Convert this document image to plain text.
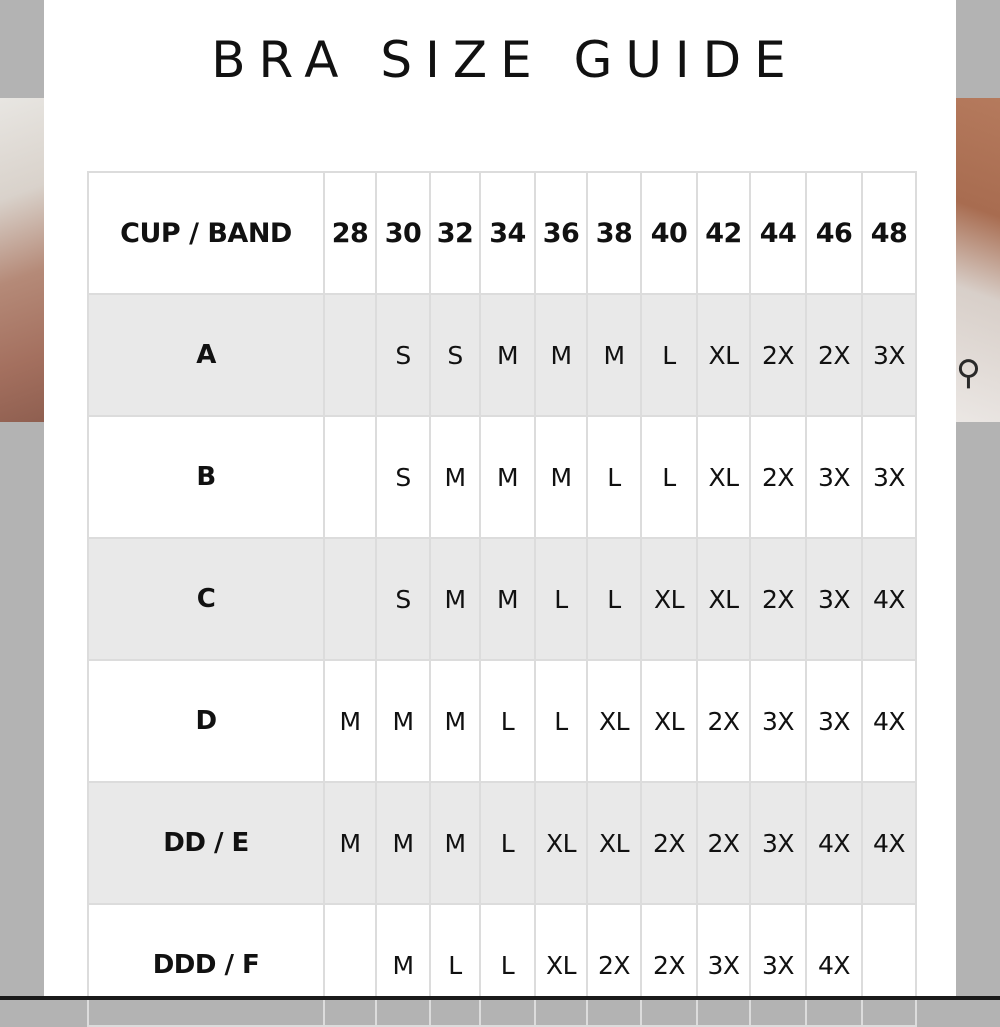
⚲
BRA SIZE GUIDE
CUP / BAND	28	30	32	34	36	38	40	42	44	46	48
A		S	S	M	M	M	L	XL	2X	2X	3X
B		S	M	M	M	L	L	XL	2X	3X	3X
C		S	M	M	L	L	XL	XL	2X	3X	4X
D	M	M	M	L	L	XL	XL	2X	3X	3X	4X
DD / E	M	M	M	L	XL	XL	2X	2X	3X	4X	4X
DDD / F		M	L	L	XL	2X	2X	3X	3X	4X	
